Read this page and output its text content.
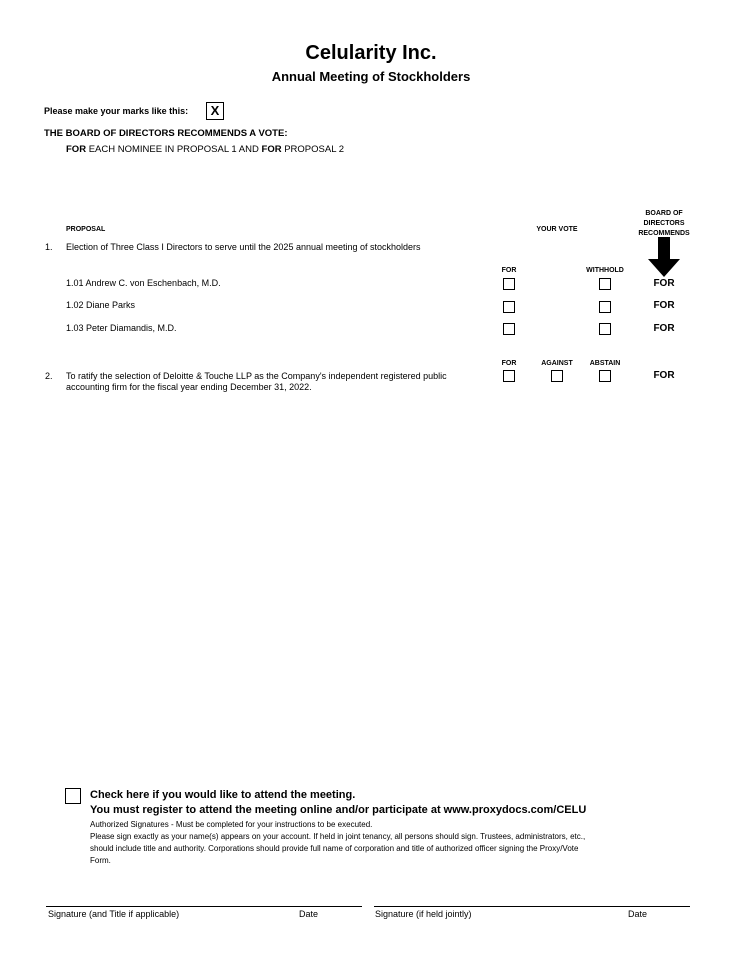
Celularity Inc.
Annual Meeting of Stockholders
Please make your marks like this:	X
THE BOARD OF DIRECTORS RECOMMENDS A VOTE:
FOR EACH NOMINEE IN PROPOSAL 1 AND FOR PROPOSAL 2
PROPOSAL	YOUR VOTE
BOARD OF
DIRECTORS
RECOMMENDS
1. Election of Three Class I Directors to serve until the 2025 annual meeting of stockholders
FOR	WITHHOLD
1.01 Andrew C. von Eschenbach, M.D.	FOR
1.02 Diane Parks	FOR
1.03 Peter Diamandis, M.D.	FOR
FOR	AGAINST	ABSTAIN
2. To ratify the selection of Deloitte & Touche LLP as the Company's independent registered public
accounting firm for the fiscal year ending December 31, 2022.
FOR
Check here if you would like to attend the meeting.
You must register to attend the meeting online and/or participate at www.proxydocs.com/CELU
Authorized Signatures - Must be completed for your instructions to be executed.
Please sign exactly as your name(s) appears on your account. If held in joint tenancy, all persons should sign. Trustees, administrators, etc.,
should include title and authority. Corporations should provide full name of corporation and title of authorized officer signing the Proxy/Vote
Form.
Signature (and Title if applicable)	Date	Signature (if held jointly)	Date
